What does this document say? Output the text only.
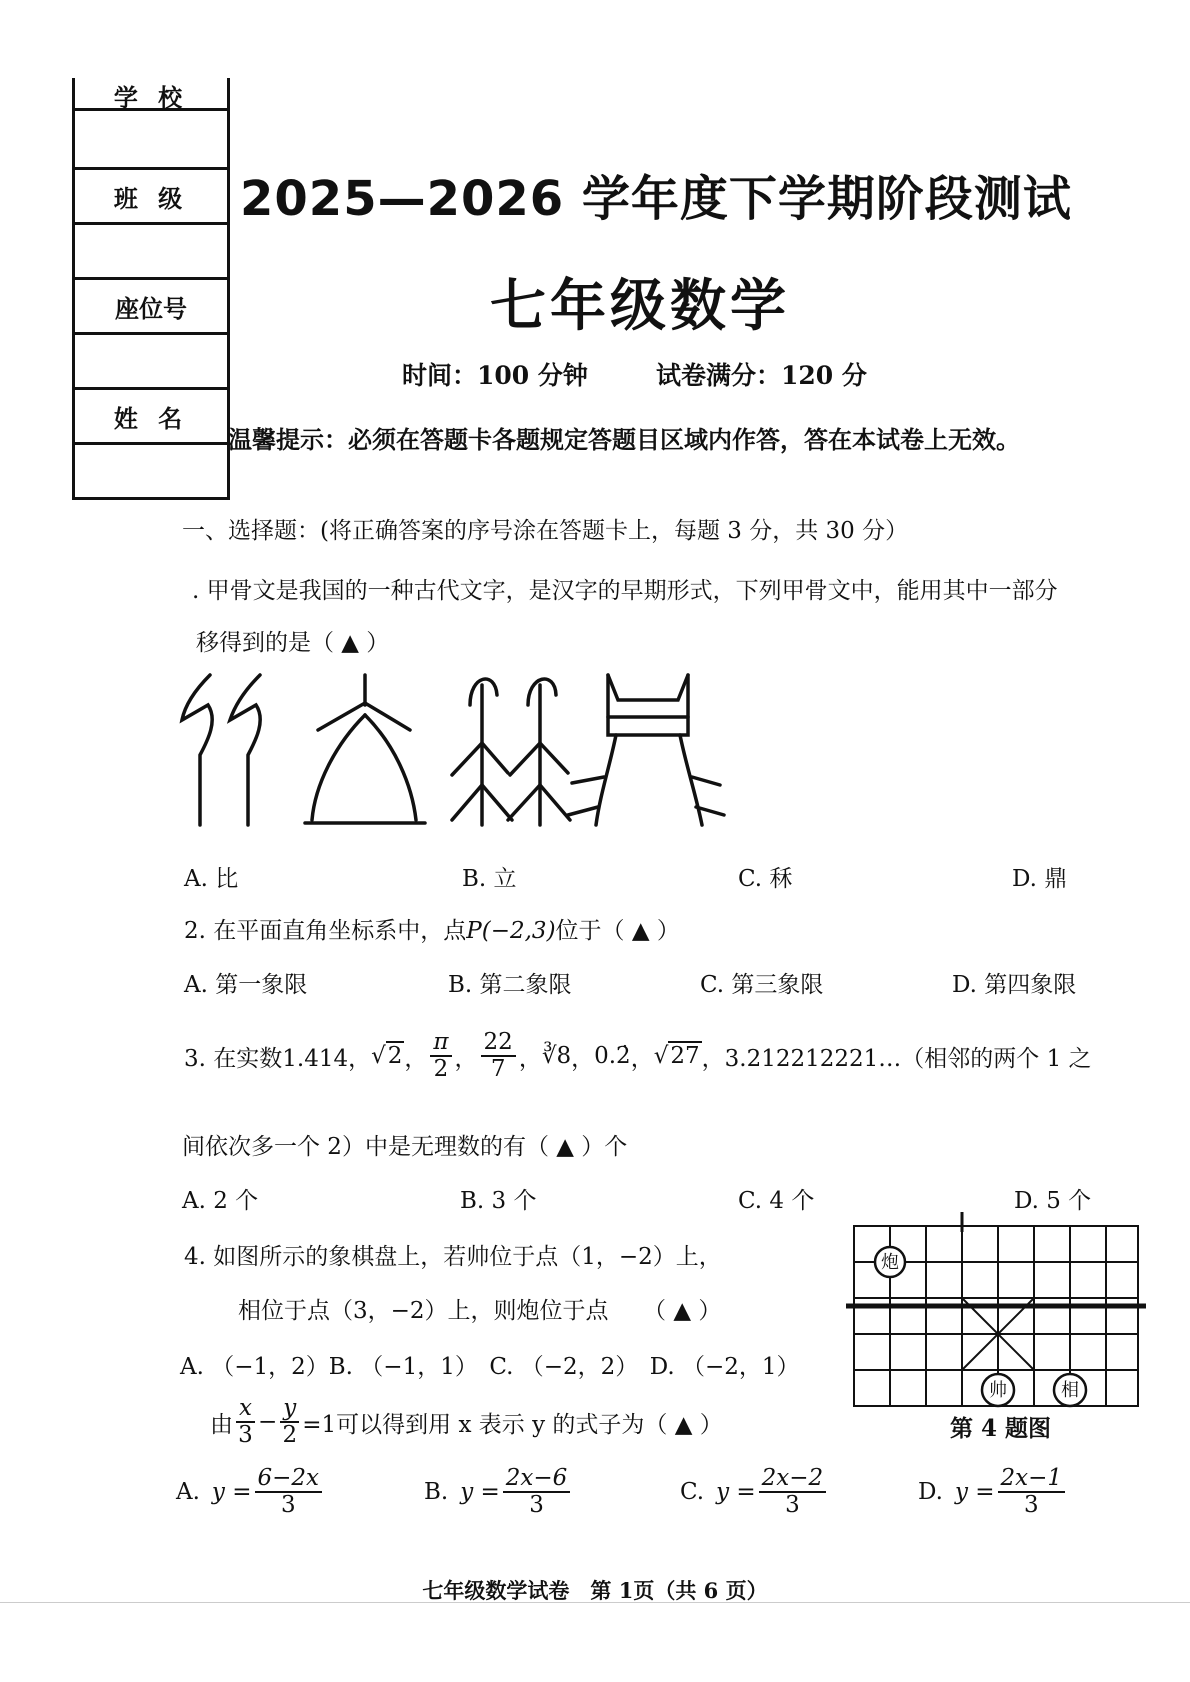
学 校
班 级
座位号
姓 名
2025—2026 学年度下学期阶段测试
七年级数学
时间：100 分钟	试卷满分：120 分
温馨提示：必须在答题卡各题规定答题目区域内作答，答在本试卷上无效。
一、选择题：(将正确答案的序号涂在答题卡上，每题 3 分，共 30 分）
. 甲骨文是我国的一种古代文字，是汉字的早期形式，下列甲骨文中，能用其中一部分
移得到的是（ ▲ ）
A. 比	B. 立	C. 秝	D. 鼎
2. 在平面直角坐标系中，点P(−2,3)位于（ ▲ ）
A. 第一象限	B. 第二象限	C. 第三象限	D. 第四象限
3. 在实数1.414， √2 ， $\frac{\pi}{2}$ ， $\frac{22}{7}$ ， ∛8 ， 0.2̇ ， √27 ，3.212212221…（相邻的两个 1 之
间依次多一个 2）中是无理数的有（ ▲ ）个
A. 2 个	B. 3 个	C. 4 个	D. 5 个
4. 如图所示的象棋盘上，若帅位于点（1，−2）上，
相位于点（3，−2）上，则炮位于点　　（ ▲ ）
A. （−1，2）B. （−1，1）　C. （−2，2）　D. （−2，1）
炮
帅	相
第 4 题图
由 $\frac{x}{3} - \frac{y}{2} =1$可以得到用 x 表示 y 的式子为（ ▲ ）
A. $y = \frac{6-2x}{3}$	B. $y = \frac{2x-6}{3}$	C. $y = \frac{2x-2}{3}$	D. $y = \frac{2x-1}{3}$
七年级数学试卷　第 1页（共 6 页）
